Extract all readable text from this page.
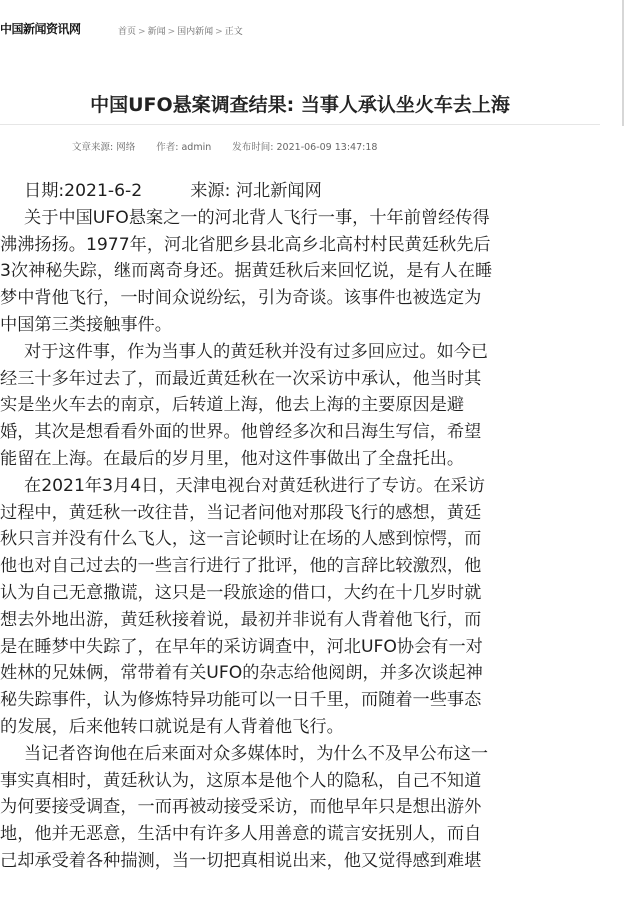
中国新闻资讯网	首页 > 新闻 > 国内新闻 > 正文
中国UFO悬案调查结果: 当事人承认坐火车去上海
文章来源: 网络 作者: admin 发布时间: 2021-06-09 13:47:18
日期:2021-6-2	来源: 河北新闻网
关于中国UFO悬案之一的河北背人飞行一事，十年前曾经传得
沸沸扬扬。1977年，河北省肥乡县北高乡北高村村民黄廷秋先后
3次神秘失踪，继而离奇身还。据黄廷秋后来回忆说，是有人在睡
梦中背他飞行，一时间众说纷纭，引为奇谈。该事件也被选定为
中国第三类接触事件。
对于这件事，作为当事人的黄廷秋并没有过多回应过。如今已
经三十多年过去了，而最近黄廷秋在一次采访中承认，他当时其
实是坐火车去的南京，后转道上海，他去上海的主要原因是避
婚，其次是想看看外面的世界。他曾经多次和吕海生写信，希望
能留在上海。在最后的岁月里，他对这件事做出了全盘托出。
在2021年3月4日，天津电视台对黄廷秋进行了专访。在采访
过程中，黄廷秋一改往昔，当记者问他对那段飞行的感想，黄廷
秋只言并没有什么飞人，这一言论顿时让在场的人感到惊愕，而
他也对自己过去的一些言行进行了批评，他的言辞比较激烈，他
认为自己无意撒谎，这只是一段旅途的借口，大约在十几岁时就
想去外地出游，黄廷秋接着说，最初并非说有人背着他飞行，而
是在睡梦中失踪了，在早年的采访调查中，河北UFO协会有一对
姓林的兄妹俩，常带着有关UFO的杂志给他阅朗，并多次谈起神
秘失踪事件，认为修炼特异功能可以一日千里，而随着一些事态
的发展，后来他转口就说是有人背着他飞行。
当记者咨询他在后来面对众多媒体时，为什么不及早公布这一
事实真相时，黄廷秋认为，这原本是他个人的隐私，自己不知道
为何要接受调查，一而再被动接受采访，而他早年只是想出游外
地，他并无恶意，生活中有许多人用善意的谎言安抚别人，而自
己却承受着各种揣测，当一切把真相说出来，他又觉得感到难堪
